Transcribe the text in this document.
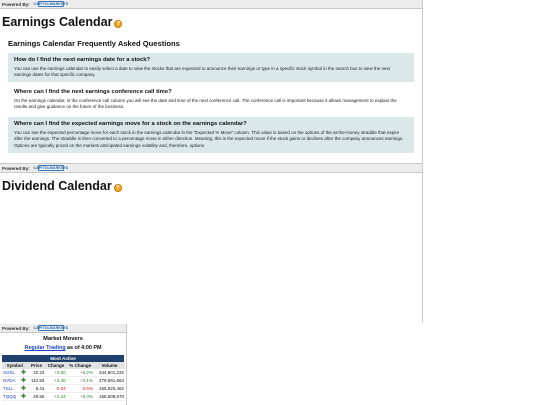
Powered By: CAPITOLMARKETS
Earnings Calendar ?
Earnings Calendar Frequently Asked Questions
How do I find the next earnings date for a stock?
You can use the earnings calendar to easily select a date to view the stocks that are expected to announce their earnings or type in a specific stock symbol in the search box to view the next earnings dates for that specific company.
Where can I find the next earnings conference call time?
On the earnings calendar, in the conference call column you will see the date and time of the next conference call. The conference call is important because it allows management to explain the results and give guidance on the future of the business.
Where can I find the expected earnings move for a stock on the earnings calendar?
You can see the expected percentage move for each stock in the earnings calendar in the "Expected % Move" column. This value is based on the options of the at-the-money straddle that expire after the earnings. The straddle is then converted to a percentage move in either direction. Meaning, this is the expected move if the stock gains or declines after the company announces earnings. Options are typically priced on the markets anticipated earnings volatility and, therefore, options
Powered By: CAPITOLMARKETS
Dividend Calendar ?
Powered By: CAPITOLMARKETS
Market Movers
Regular Trading as of 4:00 PM
Most Active
Symbol		Price	Change	% Change	Volume
SOXL	✚	10.23	+0.60	+6.2%	344,801,232
NVDA	✚	110.93	+3.36	+3.1%	279,691,663
TSLL	✚	8.41	-0.04	-0.5%	165,520,462
TQQQ	✚	48.56	+2.44	+5.3%	158,509,670
